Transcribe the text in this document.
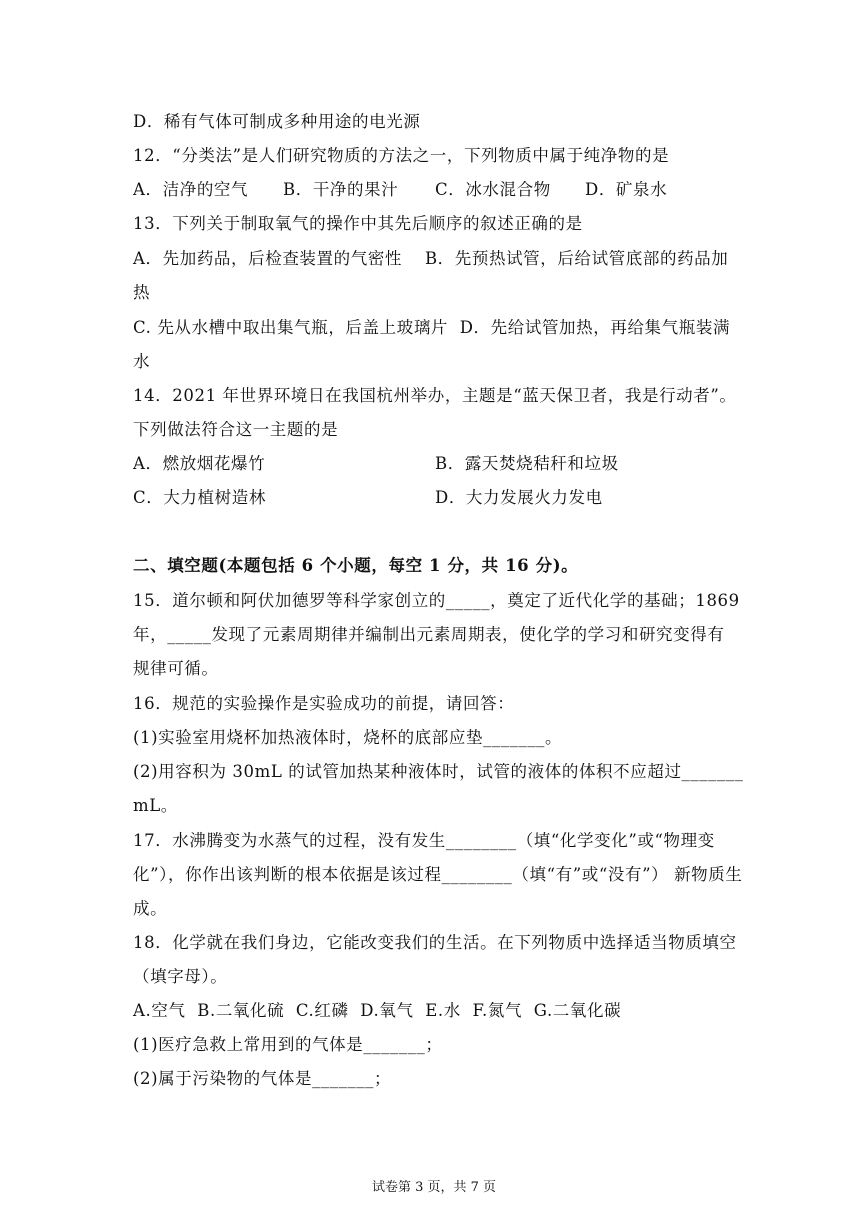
D．稀有气体可制成多种用途的电光源
12．“分类法”是人们研究物质的方法之一，下列物质中属于纯净物的是
A．洁净的空气 B．干净的果汁 C．冰水混合物 D．矿泉水
13．下列关于制取氧气的操作中其先后顺序的叙述正确的是
A．先加药品，后检查装置的气密性　 B．先预热试管，后给试管底部的药品加
热
C. 先从水槽中取出集气瓶，后盖上玻璃片  D．先给试管加热，再给集气瓶装满
水
14．2021 年世界环境日在我国杭州举办，主题是“蓝天保卫者，我是行动者”。
下列做法符合这一主题的是
A．燃放烟花爆竹	B．露天焚烧秸秆和垃圾
C．大力植树造林	D．大力发展火力发电
二、填空题(本题包括 6 个小题，每空 1 分，共 16 分)。
15．道尔顿和阿伏加德罗等科学家创立的_____，奠定了近代化学的基础；1869
年，_____发现了元素周期律并编制出元素周期表，使化学的学习和研究变得有
规律可循。
16．规范的实验操作是实验成功的前提，请回答：
(1)实验室用烧杯加热液体时，烧杯的底部应垫_______。
(2)用容积为 30mL 的试管加热某种液体时，试管的液体的体积不应超过_______
mL。
17．水沸腾变为水蒸气的过程，没有发生________（填“化学变化”或“物理变
化”），你作出该判断的根本依据是该过程________（填“有”或“没有”） 新物质生
成。
18．化学就在我们身边，它能改变我们的生活。在下列物质中选择适当物质填空
（填字母）。
A.空气  B.二氧化硫  C.红磷  D.氧气  E.水  F.氮气  G.二氧化碳
(1)医疗急救上常用到的气体是_______；
(2)属于污染物的气体是_______；
试卷第 3 页，共 7 页
